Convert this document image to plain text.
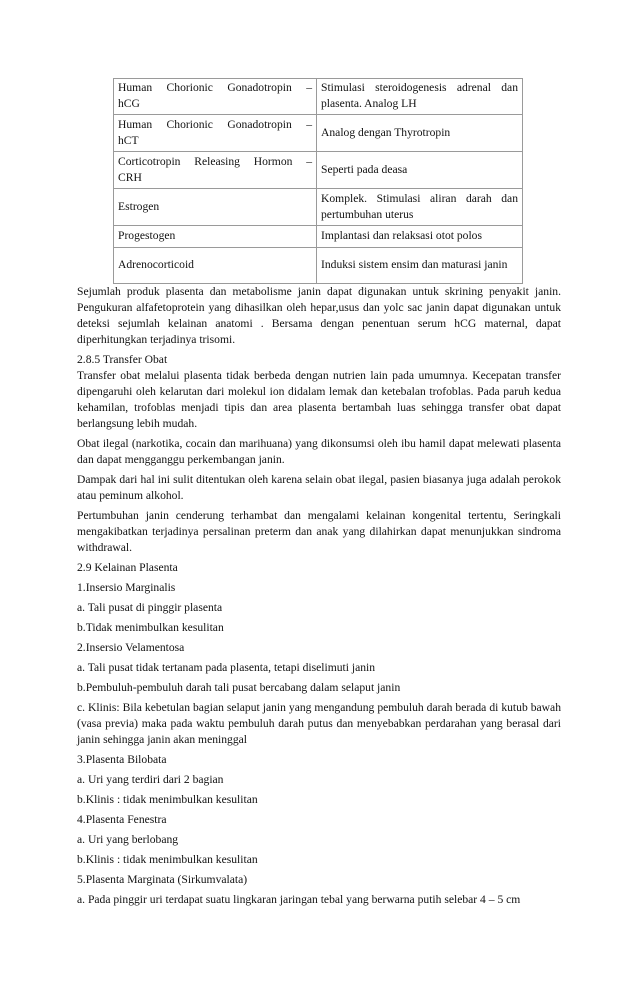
Human Chorionic Gonadotropin –
hCG	Stimulasi steroidogenesis adrenal dan plasenta. Analog LH
Human Chorionic Gonadotropin –
hCT	Analog dengan Thyrotropin
Corticotropin Releasing Hormon –
CRH	Seperti pada deasa

Estrogen	Komplek. Stimulasi aliran darah dan pertumbuhan uterus

Progestogen	Implantasi dan relaksasi otot polos

Adrenocorticoid	Induksi sistem ensim dan maturasi janin

Sejumlah produk plasenta dan metabolisme janin dapat digunakan untuk skrining penyakit janin. Pengukuran alfafetoprotein yang dihasilkan oleh hepar,usus dan yolc sac janin dapat digunakan untuk deteksi sejumlah kelainan anatomi . Bersama dengan penentuan serum hCG maternal, dapat diperhitungkan terjadinya trisomi.

2.8.5 Transfer Obat

Transfer obat melalui plasenta tidak berbeda dengan nutrien lain pada umumnya. Kecepatan transfer dipengaruhi oleh kelarutan dari molekul ion didalam lemak dan ketebalan trofoblas. Pada paruh kedua kehamilan, trofoblas menjadi tipis dan area plasenta bertambah luas sehingga transfer obat dapat berlangsung lebih mudah.

Obat ilegal (narkotika, cocain dan marihuana) yang dikonsumsi oleh ibu hamil dapat melewati plasenta dan dapat mengganggu perkembangan janin.

Dampak dari hal ini sulit ditentukan oleh karena selain obat ilegal, pasien biasanya juga adalah perokok atau peminum alkohol.

Pertumbuhan janin cenderung terhambat dan mengalami kelainan kongenital tertentu, Seringkali mengakibatkan terjadinya persalinan preterm dan anak yang dilahirkan dapat menunjukkan sindroma withdrawal.

2.9 Kelainan Plasenta

1.Insersio Marginalis

a. Tali pusat di pinggir plasenta

b.Tidak menimbulkan kesulitan

2.Insersio Velamentosa

a. Tali pusat tidak tertanam pada plasenta, tetapi diselimuti janin

b.Pembuluh-pembuluh darah tali pusat bercabang dalam selaput janin

c. Klinis: Bila kebetulan bagian selaput janin yang mengandung pembuluh darah berada di kutub bawah (vasa previa) maka pada waktu pembuluh darah putus dan menyebabkan perdarahan yang berasal dari janin sehingga janin akan meninggal

3.Plasenta Bilobata

a. Uri yang terdiri dari 2 bagian

b.Klinis : tidak menimbulkan kesulitan

4.Plasenta Fenestra

a. Uri yang berlobang

b.Klinis : tidak menimbulkan kesulitan

5.Plasenta Marginata (Sirkumvalata)

a. Pada pinggir uri terdapat suatu lingkaran jaringan tebal yang berwarna putih selebar 4 – 5 cm
